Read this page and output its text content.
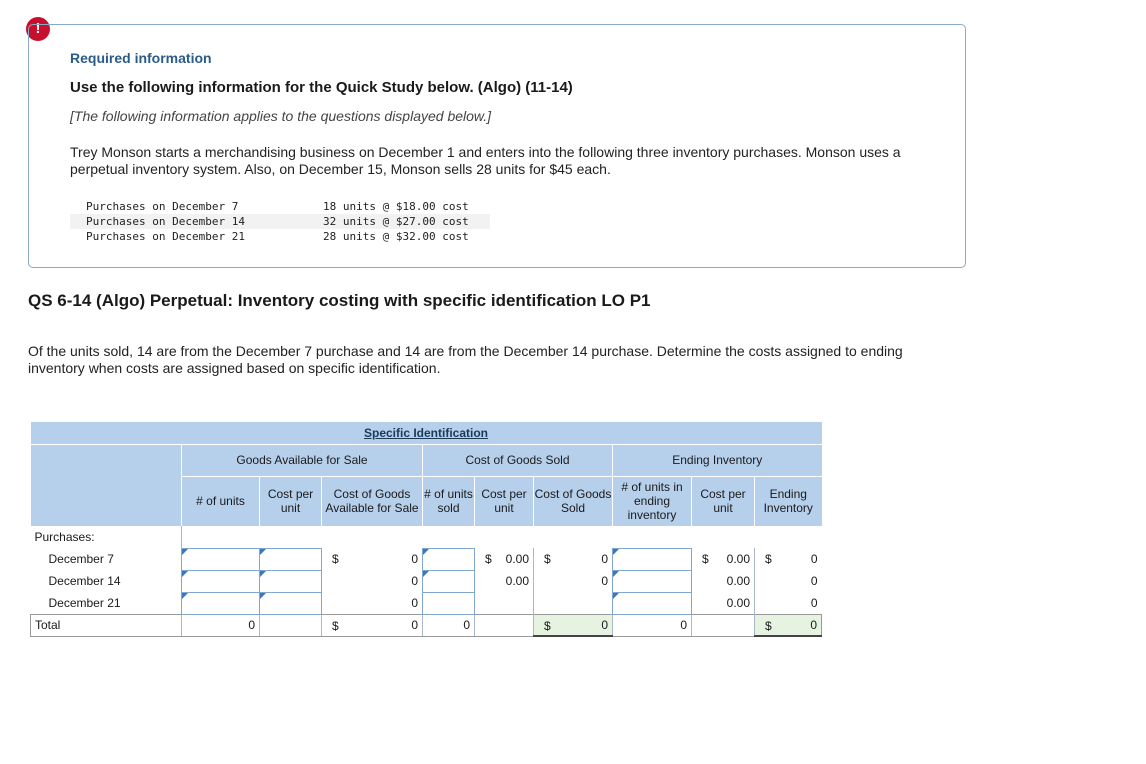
!
Required information
Use the following information for the Quick Study below. (Algo) (11-14)
[The following information applies to the questions displayed below.]
Trey Monson starts a merchandising business on December 1 and enters into the following three inventory purchases. Monson uses a perpetual inventory system. Also, on December 15, Monson sells 28 units for $45 each.
Purchases on December 7	18 units @ $18.00 cost
Purchases on December 14	32 units @ $27.00 cost
Purchases on December 21	28 units @ $32.00 cost
QS 6-14 (Algo) Perpetual: Inventory costing with specific identification LO P1
Of the units sold, 14 are from the December 7 purchase and 14 are from the December 14 purchase. Determine the costs assigned to ending inventory when costs are assigned based on specific identification.
Specific Identification									
	Goods Available for Sale			Cost of Goods Sold			Ending Inventory		
	# of units	Cost per unit	Cost of Goods Available for Sale	# of units sold	Cost per unit	Cost of Goods Sold	# of units in ending inventory	Cost per unit	Ending Inventory
Purchases:									
December 7			$ 0		$ 0.00	$ 0		$ 0.00	$ 0
December 14			0		0.00	0		0.00	0
December 21			0					0.00	0
Total	0		$ 0	0		$ 0	0		$ 0
